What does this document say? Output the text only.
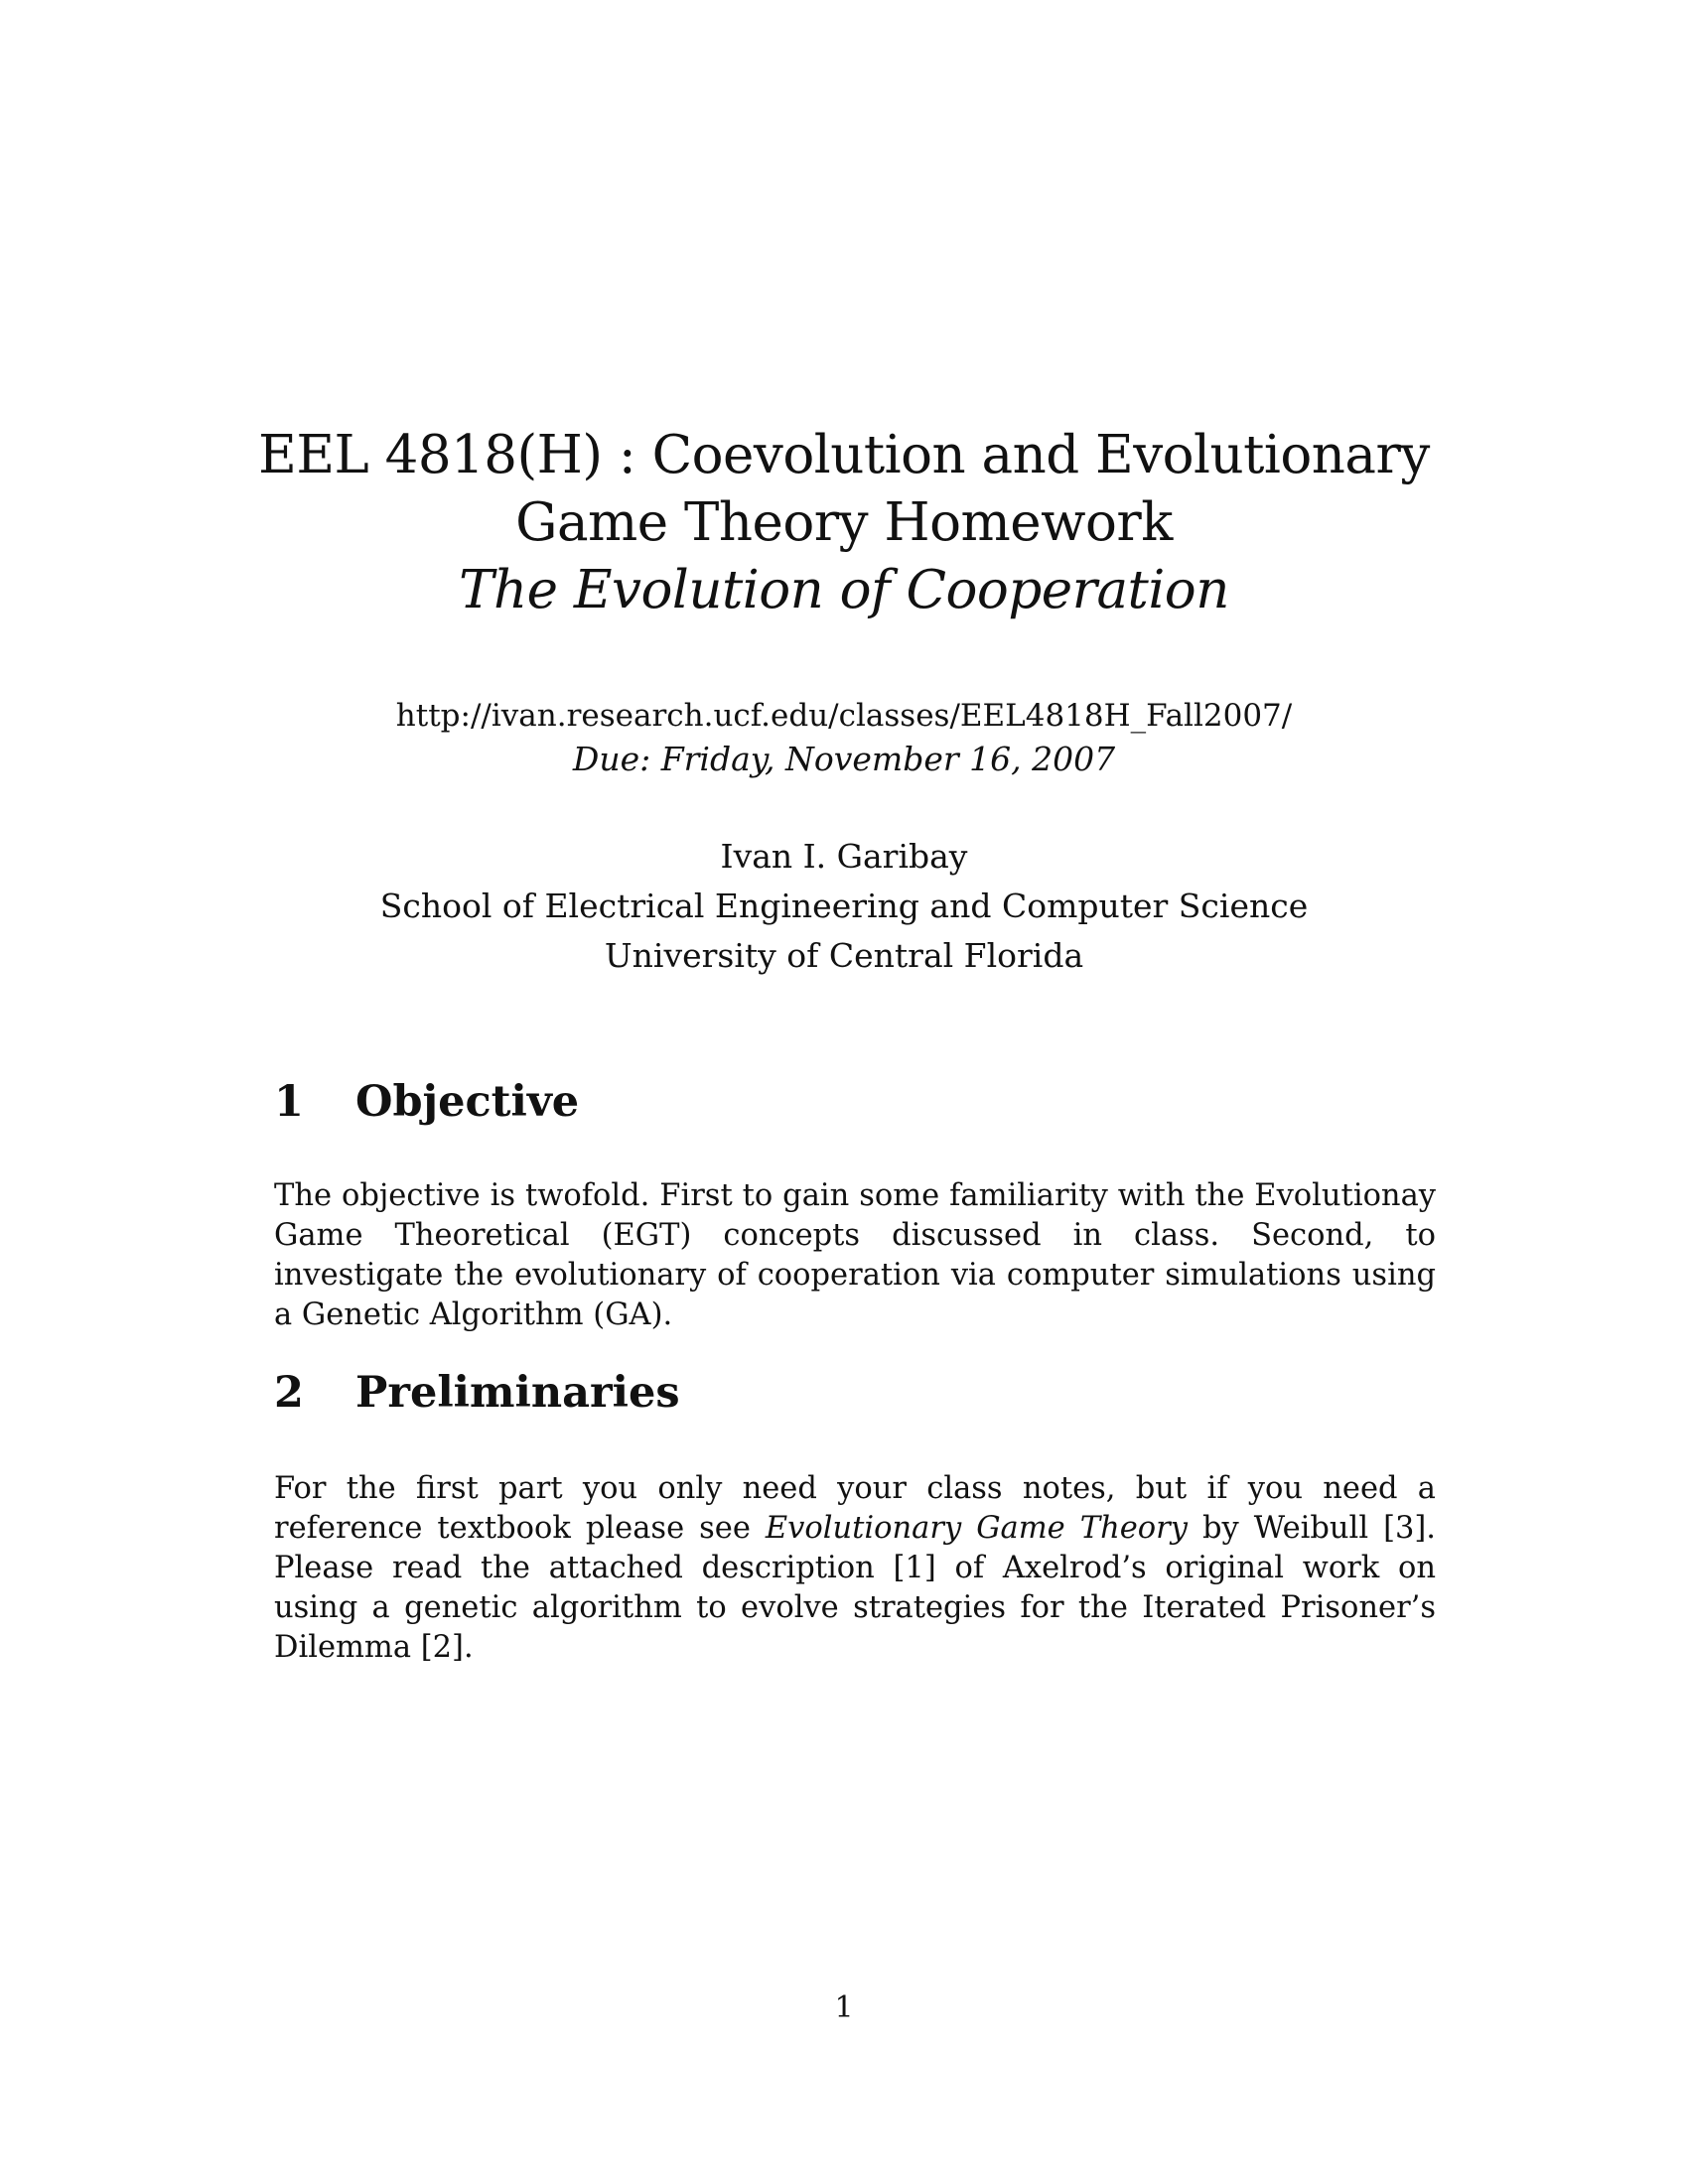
EEL 4818(H) : Coevolution and Evolutionary
Game Theory Homework
The Evolution of Cooperation
http://ivan.research.ucf.edu/classes/EEL4818H_Fall2007/
Due: Friday, November 16, 2007
Ivan I. Garibay
School of Electrical Engineering and Computer Science
University of Central Florida
1 Objective
The objective is twofold. First to gain some familiarity with the Evolutionay Game Theoretical (EGT) concepts discussed in class. Second, to investigate the evolutionary of cooperation via computer simulations using a Genetic Algorithm (GA).
2 Preliminaries
For the first part you only need your class notes, but if you need a reference textbook please see Evolutionary Game Theory by Weibull [3]. Please read the attached description [1] of Axelrod’s original work on using a genetic algorithm to evolve strategies for the Iterated Prisoner’s Dilemma [2].
1
